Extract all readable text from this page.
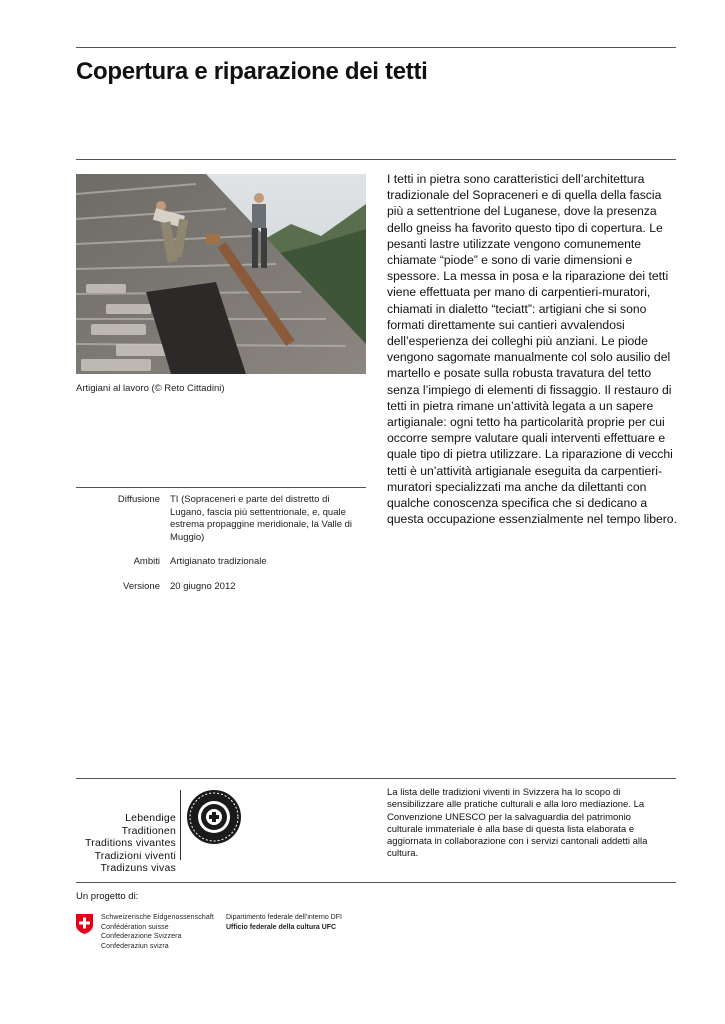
Copertura e riparazione dei tetti
Artigiani al lavoro (© Reto Cittadini)

I tetti in pietra sono caratteristici dell’architettura tradizionale del Sopraceneri e di quella della fascia più a settentrione del Luganese, dove la presenza dello gneiss ha favorito questo tipo di copertura. Le pesanti lastre utilizzate vengono comunemente chiamate “piode” e sono di varie dimensioni e spessore. La messa in posa e la riparazione dei tetti viene effettuata per mano di carpentieri-muratori, chiamati in dialetto “teciatt”: artigiani che si sono formati direttamente sui cantieri avvalendosi dell’esperienza dei colleghi più anziani. Le piode vengono sagomate manualmente col solo ausilio del martello e posate sulla robusta travatura del tetto senza l’impiego di elementi di fissaggio. Il restauro di tetti in pietra rimane un’attività legata a un sapere artigianale: ogni tetto ha particolarità proprie per cui occorre sempre valutare quali interventi effettuare e quale tipo di pietra utilizzare. La riparazione di vecchi tetti è un’attività artigianale eseguita da carpentieri-muratori specializzati ma anche da dilettanti con qualche conoscenza specifica che si dedicano a questa occupazione essenzialmente nel tempo libero.

Diffusione	TI (Sopraceneri e parte del distretto di Lugano, fascia più settentrionale, e, quale estrema propaggine meridionale, la Valle di Muggio)
Ambiti	Artigianato tradizionale
Versione	20 giugno 2012
Lebendige Traditionen
Traditions vivantes
Tradizioni viventi
Tradizuns vivas
La lista delle tradizioni viventi in Svizzera ha lo scopo di sensibilizzare alle pratiche culturali e alla loro mediazione. La Convenzione UNESCO per la salvaguardia del patrimonio culturale immateriale è alla base di questa lista elaborata e aggiornata in collaborazione con i servizi cantonali addetti alla cultura.
Un progetto di:
Schweizerische Eidgenossenschaft
Confédération suisse
Confederazione Svizzera
Confederaziun svizra
Dipartimento federale dell’interno DFI
Ufficio federale della cultura UFC
